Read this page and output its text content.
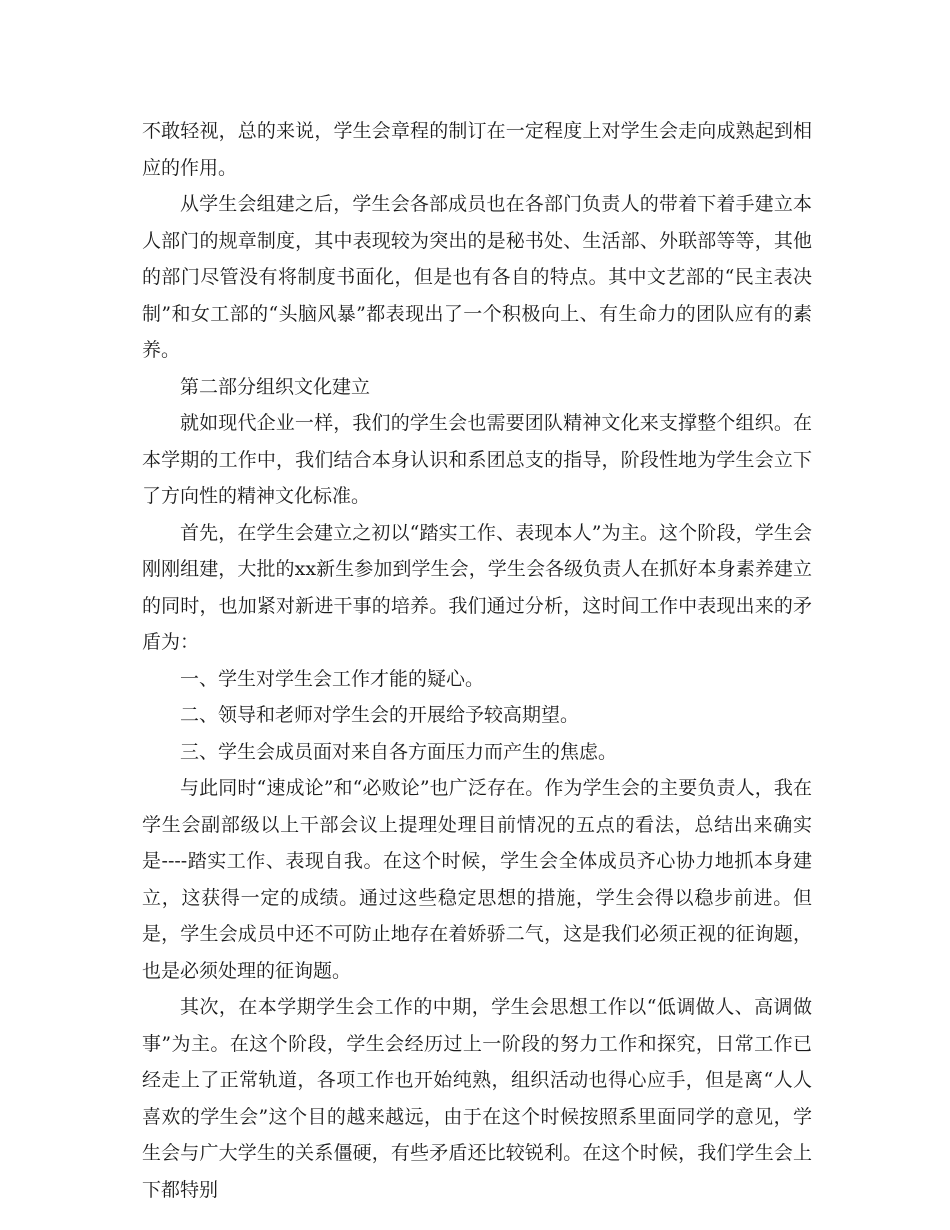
不敢轻视，总的来说，学生会章程的制订在一定程度上对学生会走向成熟起到相应的作用。

从学生会组建之后，学生会各部成员也在各部门负责人的带着下着手建立本人部门的规章制度，其中表现较为突出的是秘书处、生活部、外联部等等，其他的部门尽管没有将制度书面化，但是也有各自的特点。其中文艺部的“民主表决制”和女工部的“头脑风暴”都表现出了一个积极向上、有生命力的团队应有的素养。

第二部分组织文化建立

就如现代企业一样，我们的学生会也需要团队精神文化来支撑整个组织。在本学期的工作中，我们结合本身认识和系团总支的指导，阶段性地为学生会立下了方向性的精神文化标准。

首先，在学生会建立之初以“踏实工作、表现本人”为主。这个阶段，学生会刚刚组建，大批的xx新生参加到学生会，学生会各级负责人在抓好本身素养建立的同时，也加紧对新进干事的培养。我们通过分析，这时间工作中表现出来的矛盾为：

一、学生对学生会工作才能的疑心。

二、领导和老师对学生会的开展给予较高期望。

三、学生会成员面对来自各方面压力而产生的焦虑。

与此同时“速成论”和“必败论”也广泛存在。作为学生会的主要负责人，我在学生会副部级以上干部会议上提理处理目前情况的五点的看法，总结出来确实是----踏实工作、表现自我。在这个时候，学生会全体成员齐心协力地抓本身建立，这获得一定的成绩。通过这些稳定思想的措施，学生会得以稳步前进。但是，学生会成员中还不可防止地存在着娇骄二气，这是我们必须正视的征询题，也是必须处理的征询题。

其次，在本学期学生会工作的中期，学生会思想工作以“低调做人、高调做事”为主。在这个阶段，学生会经历过上一阶段的努力工作和探究，日常工作已经走上了正常轨道，各项工作也开始纯熟，组织活动也得心应手，但是离“人人喜欢的学生会”这个目的越来越远，由于在这个时候按照系里面同学的意见，学生会与广大学生的关系僵硬，有些矛盾还比较锐利。在这个时候，我们学生会上下都特别
